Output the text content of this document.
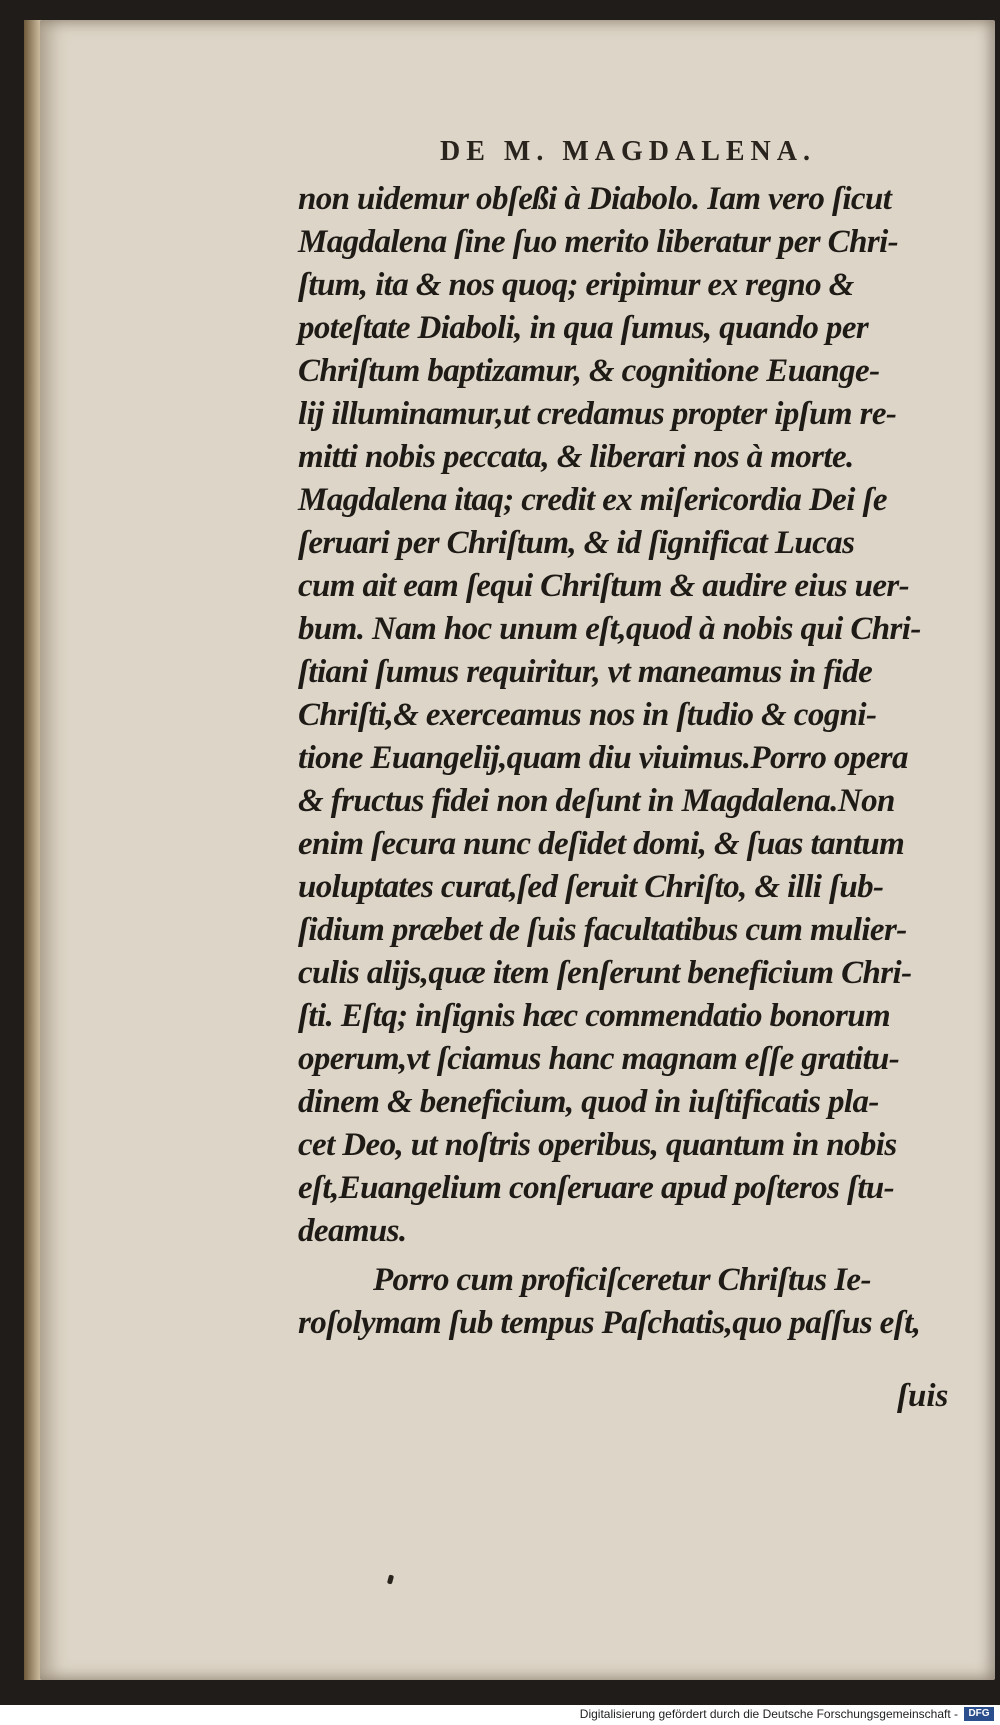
DE M. MAGDALENA.
non uidemur obſeßi à Diabolo. Iam vero ſicut
Magdalena ſine ſuo merito liberatur per Chri-
ſtum, ita & nos quoq; eripimur ex regno &
poteſtate Diaboli, in qua ſumus, quando per
Chriſtum baptizamur, & cognitione Euange-
lij illuminamur,ut credamus propter ipſum re-
mitti nobis peccata, & liberari nos à morte.
Magdalena itaq; credit ex miſericordia Dei ſe
ſeruari per Chriſtum, & id ſignificat Lucas
cum ait eam ſequi Chriſtum & audire eius uer-
bum. Nam hoc unum eſt,quod à nobis qui Chri-
ſtiani ſumus requiritur, vt maneamus in fide
Chriſti,& exerceamus nos in ſtudio & cogni-
tione Euangelij,quam diu viuimus.Porro opera
& fructus fidei non deſunt in Magdalena.Non
enim ſecura nunc deſidet domi, & ſuas tantum
uoluptates curat,ſed ſeruit Chriſto, & illi ſub-
ſidium præbet de ſuis facultatibus cum mulier-
culis alijs,quæ item ſenſerunt beneficium Chri-
ſti. Eſtq; inſignis hæc commendatio bonorum
operum,vt ſciamus hanc magnam eſſe gratitu-
dinem & beneficium, quod in iuſtificatis pla-
cet Deo, ut noſtris operibus, quantum in nobis
eſt,Euangelium conſeruare apud poſteros ſtu-
deamus.
Porro cum proficiſceretur Chriſtus Ie-
roſolymam ſub tempus Paſchatis,quo paſſus eſt,
ſuis
Digitalisierung gefördert durch die Deutsche Forschungsgemeinschaft -	DFG
